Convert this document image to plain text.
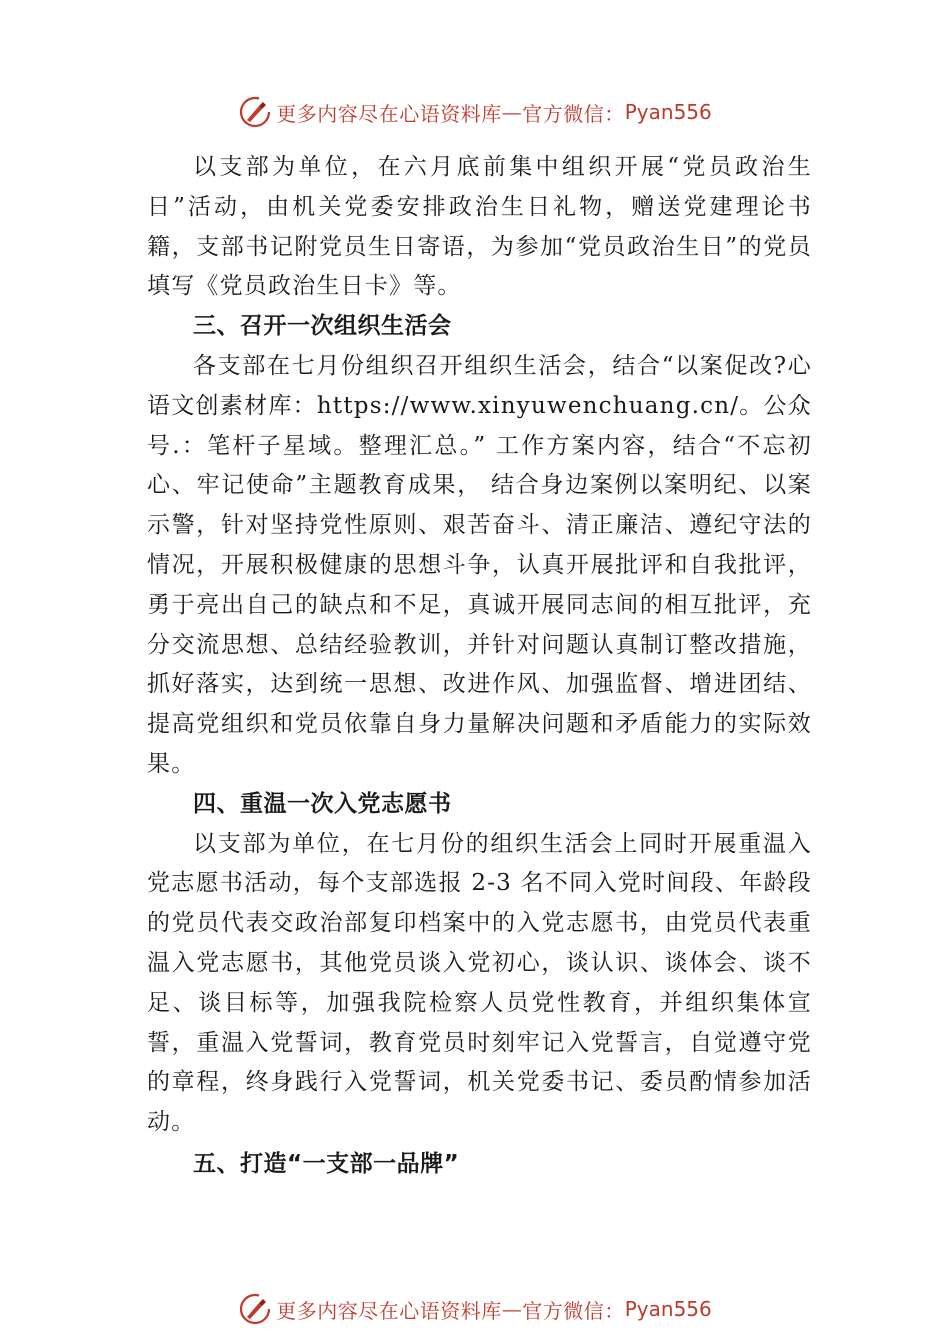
更多内容尽在心语资料库 — 官方微信： Pyan556

以支部为单位，在六月底前集中组织开展“党员政治生日”活动，由机关党委安排政治生日礼物，赠送党建理论书籍，支部书记附党员生日寄语，为参加“党员政治生日”的党员填写《党员政治生日卡》等。

三、召开一次组织生活会

各支部在七月份组织召开组织生活会，结合“以案促改?心语文创素材库：https://www.xinyuwenchuang.cn/。公众号.：笔杆子星域。整理汇总。” 工作方案内容，结合“不忘初心、牢记使命”主题教育成果， 结合身边案例以案明纪、以案示警，针对坚持党性原则、艰苦奋斗、清正廉洁、遵纪守法的情况，开展积极健康的思想斗争，认真开展批评和自我批评，勇于亮出自己的缺点和不足，真诚开展同志间的相互批评，充分交流思想、总结经验教训，并针对问题认真制订整改措施，抓好落实，达到统一思想、改进作风、加强监督、增进团结、提高党组织和党员依靠自身力量解决问题和矛盾能力的实际效果。

四、重温一次入党志愿书

以支部为单位，在七月份的组织生活会上同时开展重温入党志愿书活动，每个支部选报 2-3 名不同入党时间段、年龄段的党员代表交政治部复印档案中的入党志愿书，由党员代表重温入党志愿书，其他党员谈入党初心，谈认识、谈体会、谈不足、谈目标等，加强我院检察人员党性教育，并组织集体宣誓，重温入党誓词，教育党员时刻牢记入党誓言，自觉遵守党的章程，终身践行入党誓词，机关党委书记、委员酌情参加活动。

五、打造“一支部一品牌”

更多内容尽在心语资料库 — 官方微信： Pyan556
